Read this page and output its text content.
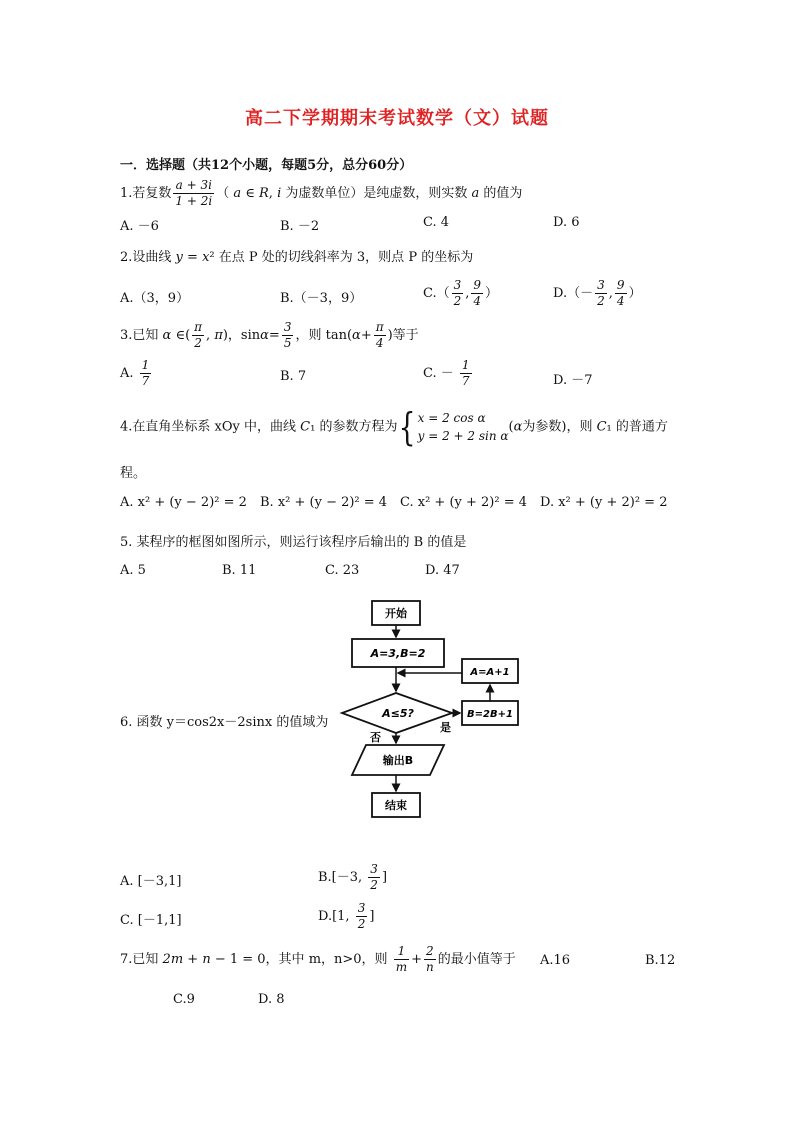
高二下学期期末考试数学（文）试题
一．选择题（共12个小题，每题5分，总分60分）
1.若复数 $\frac{a + 3i}{1 + 2i}$ （ a ∈ R, i 为虚数单位）是纯虚数，则实数 a 的值为
A. －6	B. －2	C. 4	D. 6
2.设曲线 y = x² 在点 P 处的切线斜率为 3，则点 P 的坐标为
A.（3，9）	B.（－3，9）	$C.( \frac{3}{2}$ , $\frac{9}{4}$ ）	$D.(- \frac{3}{2}$ , $\frac{9}{4}$ ）
3.已知 α ∈( $\frac{\pi}{2}$ , π)，$\sin\alpha= \frac{3}{5}$ ，则 $\tan(\alpha+ \frac{\pi}{4}$ )等于
A. $\frac{1}{7}$	B. 7	C. － $\frac{1}{7}$	D. －7
4.在直角坐标系 xOy 中，曲线 C₁ 的参数方程为{ x = 2 cos α
y = 2 + 2 sin α
(α为参数)，则 C₁ 的普通方
程。
A. x² + (y − 2)² = 2 B. x² + (y − 2)² = 4 C. x² + (y + 2)² = 4 D. x² + (y + 2)² = 2
5. 某程序的框图如图所示，则运行该程序后输出的 B 的值是
A. 5	B. 11	C. 23	D. 47
开始
A=3,B=2
A≤5?
是
B=2B+1
A=A+1
否
输出B
结束
6. 函数 y＝cos2x－2sinx 的值域为
A. [－3,1]	B.[－3, $\frac{3}{2}$ ]
C. [－1,1]	D.[1, $\frac{3}{2}$ ]
7.已知 2m + n − 1 = 0，其中 m，n>0，则 $\frac{1}{m} + \frac{2}{n}$ 的最小值等于 A.16	B.12
C.9	D. 8
